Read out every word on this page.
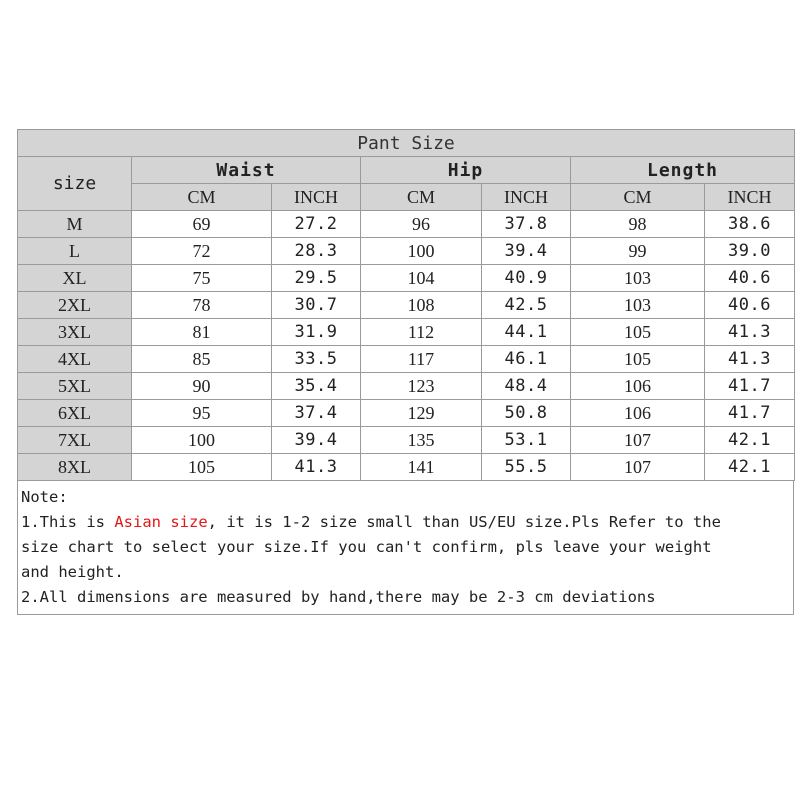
Pant Size						
size	Waist		Hip		Length	
	CM	INCH	CM	INCH	CM	INCH
M	69	27.2	96	37.8	98	38.6
L	72	28.3	100	39.4	99	39.0
XL	75	29.5	104	40.9	103	40.6
2XL	78	30.7	108	42.5	103	40.6
3XL	81	31.9	112	44.1	105	41.3
4XL	85	33.5	117	46.1	105	41.3
5XL	90	35.4	123	48.4	106	41.7
6XL	95	37.4	129	50.8	106	41.7
7XL	100	39.4	135	53.1	107	42.1
8XL	105	41.3	141	55.5	107	42.1
Note:
1.This is Asian size, it is 1-2 size small than US/EU size.Pls Refer to the
size chart to select your size.If you can't confirm, pls leave your weight
and height.
2.All dimensions are measured by hand,there may be 2-3 cm deviations
